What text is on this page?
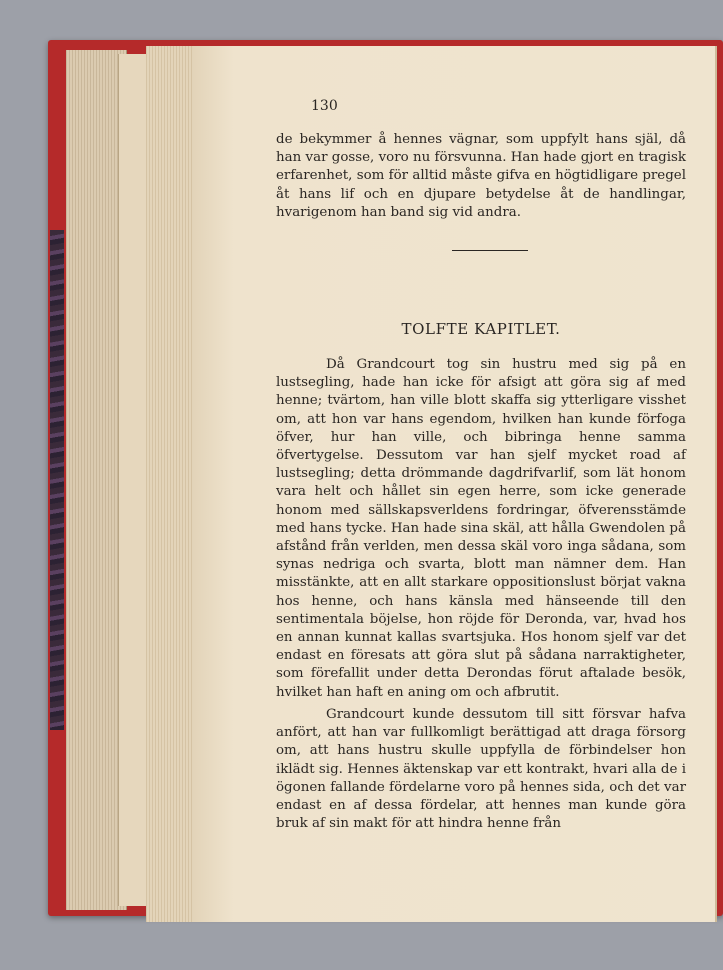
130
de bekymmer å hennes vägnar, som uppfylt hans själ, då han var gosse, voro nu försvunna. Han hade gjort en tragisk erfarenhet, som för alltid måste gifva en högtidligare pregel åt hans lif och en djupare betydelse åt de handlingar, hvarigenom han band sig vid andra.
TOLFTE KAPITLET.
Då Grandcourt tog sin hustru med sig på en lustsegling, hade han icke för afsigt att göra sig af med henne; tvärtom, han ville blott skaffa sig ytterligare visshet om, att hon var hans egendom, hvilken han kunde förfoga öfver, hur han ville, och bibringa henne samma öfvertygelse. Dessutom var han sjelf mycket road af lustsegling; detta drömmande dagdrifvarlif, som lät honom vara helt och hållet sin egen herre, som icke generade honom med sällskapsverldens fordringar, öfverensstämde med hans tycke. Han hade sina skäl, att hålla Gwendolen på afstånd från verlden, men dessa skäl voro inga sådana, som synas nedriga och svarta, blott man nämner dem. Han misstänkte, att en allt starkare oppositionslust börjat vakna hos henne, och hans känsla med hänseende till den sentimentala böjelse, hon röjde för Deronda, var, hvad hos en annan kunnat kallas svartsjuka. Hos honom sjelf var det endast en föresats att göra slut på sådana narraktigheter, som förefallit under detta Derondas förut aftalade besök, hvilket han haft en aning om och afbrutit.
Grandcourt kunde dessutom till sitt försvar hafva anfört, att han var fullkomligt berättigad att draga försorg om, att hans hustru skulle uppfylla de förbindelser hon iklädt sig. Hennes äktenskap var ett kontrakt, hvari alla de i ögonen fallande fördelarne voro på hennes sida, och det var endast en af dessa fördelar, att hennes man kunde göra bruk af sin makt för att hindra henne från
